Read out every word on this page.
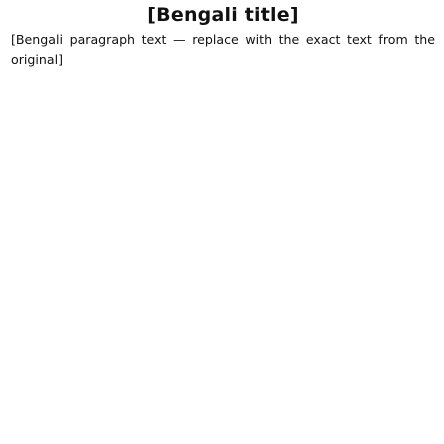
[Bengali title]

[Bengali paragraph text — replace with the exact text from the original]
